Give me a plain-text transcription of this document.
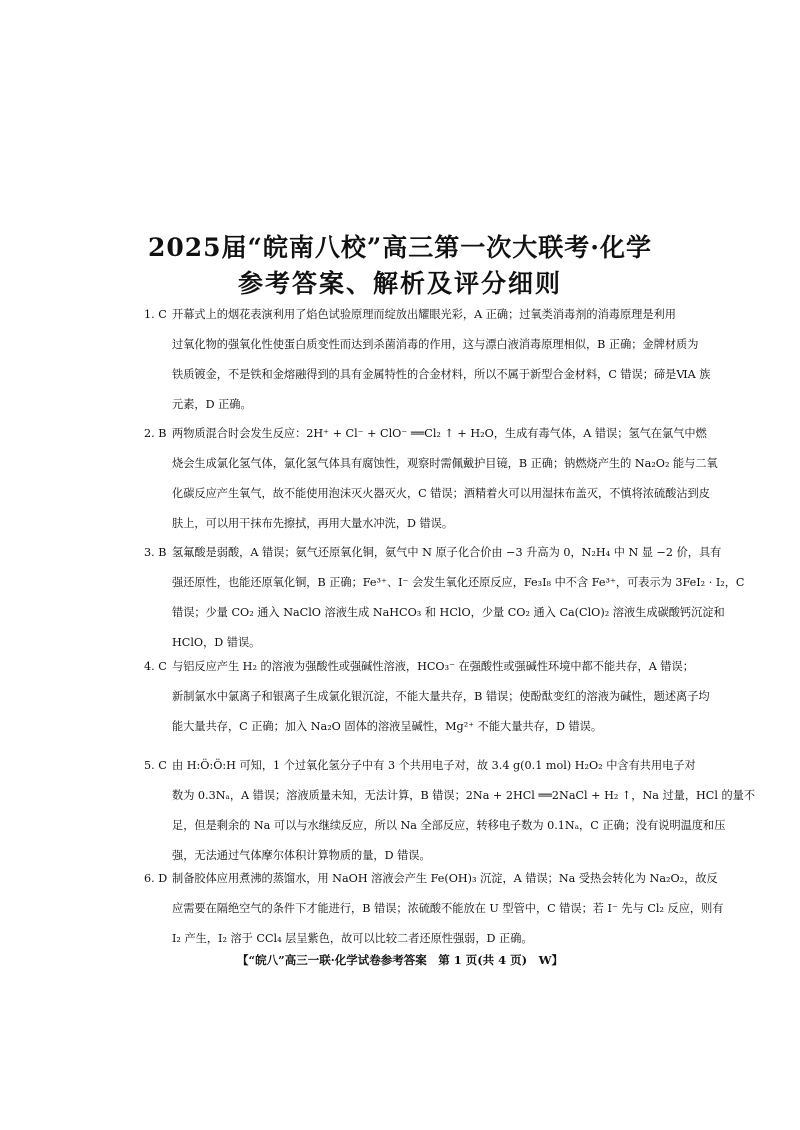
2025届“皖南八校”高三第一次大联考·化学
参考答案、解析及评分细则
1. C 开幕式上的烟花表演利用了焰色试验原理而绽放出耀眼光彩，A 正确；过氧类消毒剂的消毒原理是利用
过氧化物的强氧化性使蛋白质变性而达到杀菌消毒的作用，这与漂白液消毒原理相似，B 正确；金牌材质为
铁质镀金，不是铁和金熔融得到的具有金属特性的合金材料，所以不属于新型合金材料，C 错误；碲是ⅥA 族
元素，D 正确。
2. B 两物质混合时会发生反应：2H⁺ + Cl⁻ + ClO⁻ ══Cl₂ ↑ + H₂O，生成有毒气体，A 错误；氢气在氯气中燃
烧会生成氯化氢气体，氯化氢气体具有腐蚀性，观察时需佩戴护目镜，B 正确；钠燃烧产生的 Na₂O₂ 能与二氧
化碳反应产生氧气，故不能使用泡沫灭火器灭火，C 错误；酒精着火可以用湿抹布盖灭，不慎将浓硫酸沾到皮
肤上，可以用干抹布先擦拭，再用大量水冲洗，D 错误。
3. B 氢氟酸是弱酸，A 错误；氨气还原氧化铜，氨气中 N 原子化合价由 −3 升高为 0，N₂H₄ 中 N 显 −2 价，具有
强还原性，也能还原氧化铜，B 正确；Fe³⁺、I⁻ 会发生氧化还原反应，Fe₃I₈ 中不含 Fe³⁺，可表示为 3FeI₂ · I₂，C
错误；少量 CO₂ 通入 NaClO 溶液生成 NaHCO₃ 和 HClO，少量 CO₂ 通入 Ca(ClO)₂ 溶液生成碳酸钙沉淀和
HClO，D 错误。
4. C 与铝反应产生 H₂ 的溶液为强酸性或强碱性溶液，HCO₃⁻ 在强酸性或强碱性环境中都不能共存，A 错误；
新制氯水中氯离子和银离子生成氯化银沉淀，不能大量共存，B 错误；使酚酞变红的溶液为碱性，题述离子均
能大量共存，C 正确；加入 Na₂O 固体的溶液呈碱性，Mg²⁺ 不能大量共存，D 错误。
5. C 由 H:Ö:Ö:H 可知，1 个过氧化氢分子中有 3 个共用电子对，故 3.4 g(0.1 mol) H₂O₂ 中含有共用电子对
数为 0.3Nₐ，A 错误；溶液质量未知，无法计算，B 错误；2Na + 2HCl ══2NaCl + H₂ ↑，Na 过量，HCl 的量不
足，但是剩余的 Na 可以与水继续反应，所以 Na 全部反应，转移电子数为 0.1Nₐ，C 正确；没有说明温度和压
强，无法通过气体摩尔体积计算物质的量，D 错误。
6. D 制备胶体应用煮沸的蒸馏水，用 NaOH 溶液会产生 Fe(OH)₃ 沉淀，A 错误；Na 受热会转化为 Na₂O₂，故反
应需要在隔绝空气的条件下才能进行，B 错误；浓硫酸不能放在 U 型管中，C 错误；若 I⁻ 先与 Cl₂ 反应，则有
I₂ 产生，I₂ 溶于 CCl₄ 层呈紫色，故可以比较二者还原性强弱，D 正确。
【“皖八”高三一联·化学试卷参考答案　第 1 页(共 4 页)　W】
